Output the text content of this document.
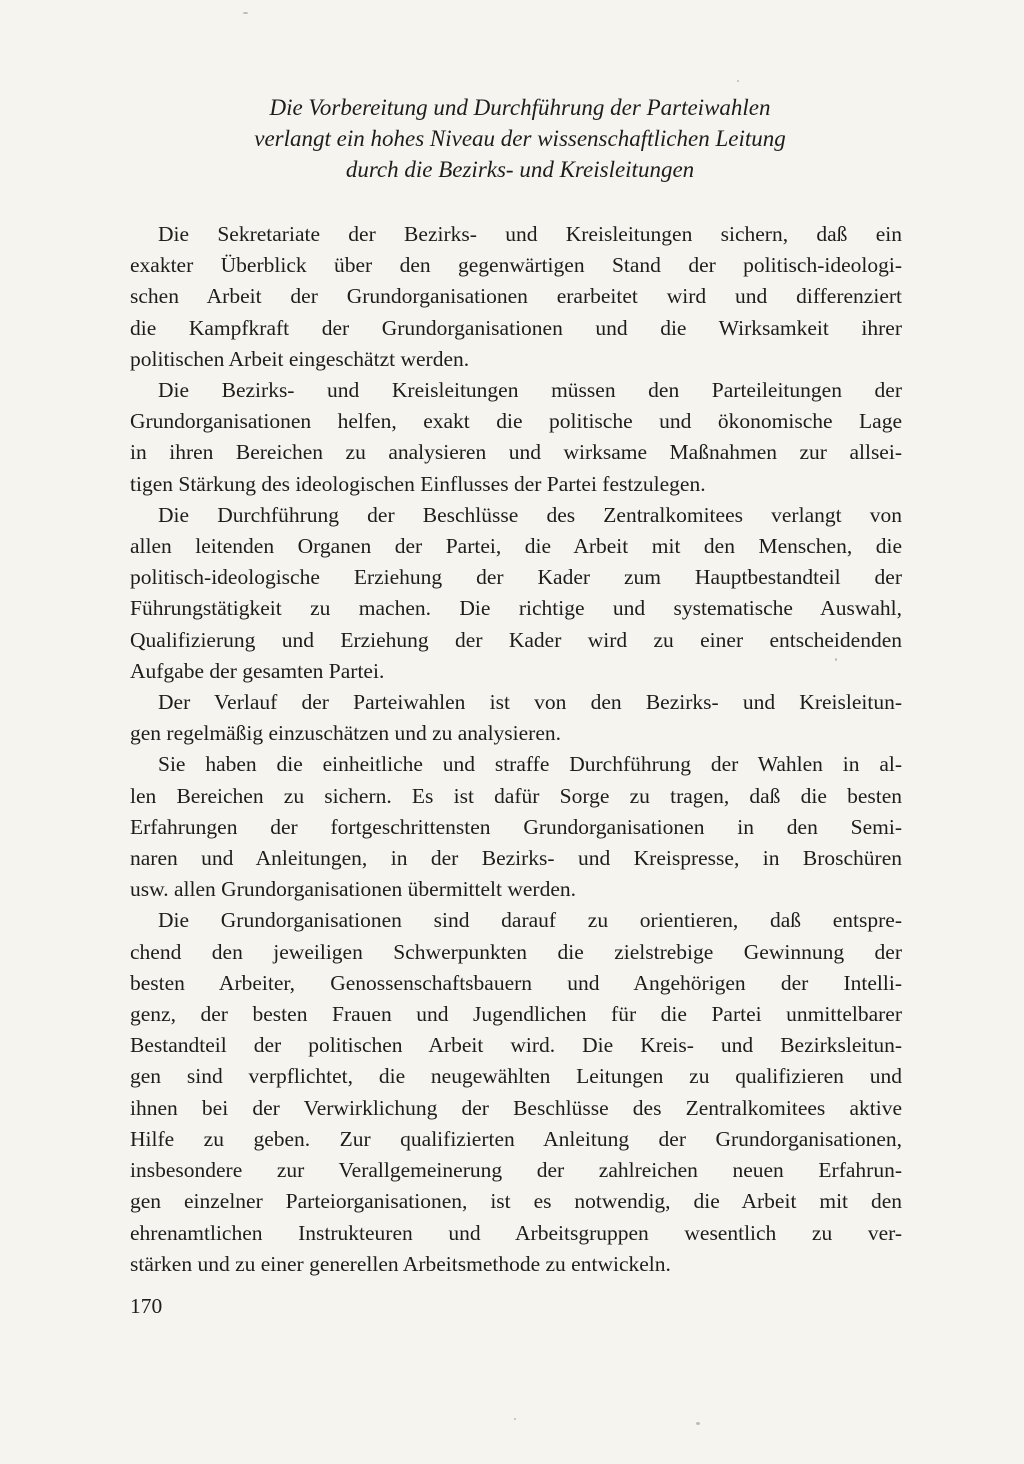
Die Vorbereitung und Durchführung der Parteiwahlen
verlangt ein hohes Niveau der wissenschaftlichen Leitung
durch die Bezirks- und Kreisleitungen
Die Sekretariate der Bezirks- und Kreisleitungen sichern, daß ein
exakter Überblick über den gegenwärtigen Stand der politisch-ideologi-
schen Arbeit der Grundorganisationen erarbeitet wird und differenziert
die Kampfkraft der Grundorganisationen und die Wirksamkeit ihrer
politischen Arbeit eingeschätzt werden.
Die Bezirks- und Kreisleitungen müssen den Parteileitungen der
Grundorganisationen helfen, exakt die politische und ökonomische Lage
in ihren Bereichen zu analysieren und wirksame Maßnahmen zur allsei-
tigen Stärkung des ideologischen Einflusses der Partei festzulegen.
Die Durchführung der Beschlüsse des Zentralkomitees verlangt von
allen leitenden Organen der Partei, die Arbeit mit den Menschen, die
politisch-ideologische Erziehung der Kader zum Hauptbestandteil der
Führungstätigkeit zu machen. Die richtige und systematische Auswahl,
Qualifizierung und Erziehung der Kader wird zu einer entscheidenden
Aufgabe der gesamten Partei.
Der Verlauf der Parteiwahlen ist von den Bezirks- und Kreisleitun-
gen regelmäßig einzuschätzen und zu analysieren.
Sie haben die einheitliche und straffe Durchführung der Wahlen in al-
len Bereichen zu sichern. Es ist dafür Sorge zu tragen, daß die besten
Erfahrungen der fortgeschrittensten Grundorganisationen in den Semi-
naren und Anleitungen, in der Bezirks- und Kreispresse, in Broschüren
usw. allen Grundorganisationen übermittelt werden.
Die Grundorganisationen sind darauf zu orientieren, daß entspre-
chend den jeweiligen Schwerpunkten die zielstrebige Gewinnung der
besten Arbeiter, Genossenschaftsbauern und Angehörigen der Intelli-
genz, der besten Frauen und Jugendlichen für die Partei unmittelbarer
Bestandteil der politischen Arbeit wird. Die Kreis- und Bezirksleitun-
gen sind verpflichtet, die neugewählten Leitungen zu qualifizieren und
ihnen bei der Verwirklichung der Beschlüsse des Zentralkomitees aktive
Hilfe zu geben. Zur qualifizierten Anleitung der Grundorganisationen,
insbesondere zur Verallgemeinerung der zahlreichen neuen Erfahrun-
gen einzelner Parteiorganisationen, ist es notwendig, die Arbeit mit den
ehrenamtlichen Instrukteuren und Arbeitsgruppen wesentlich zu ver-
stärken und zu einer generellen Arbeitsmethode zu entwickeln.
170
